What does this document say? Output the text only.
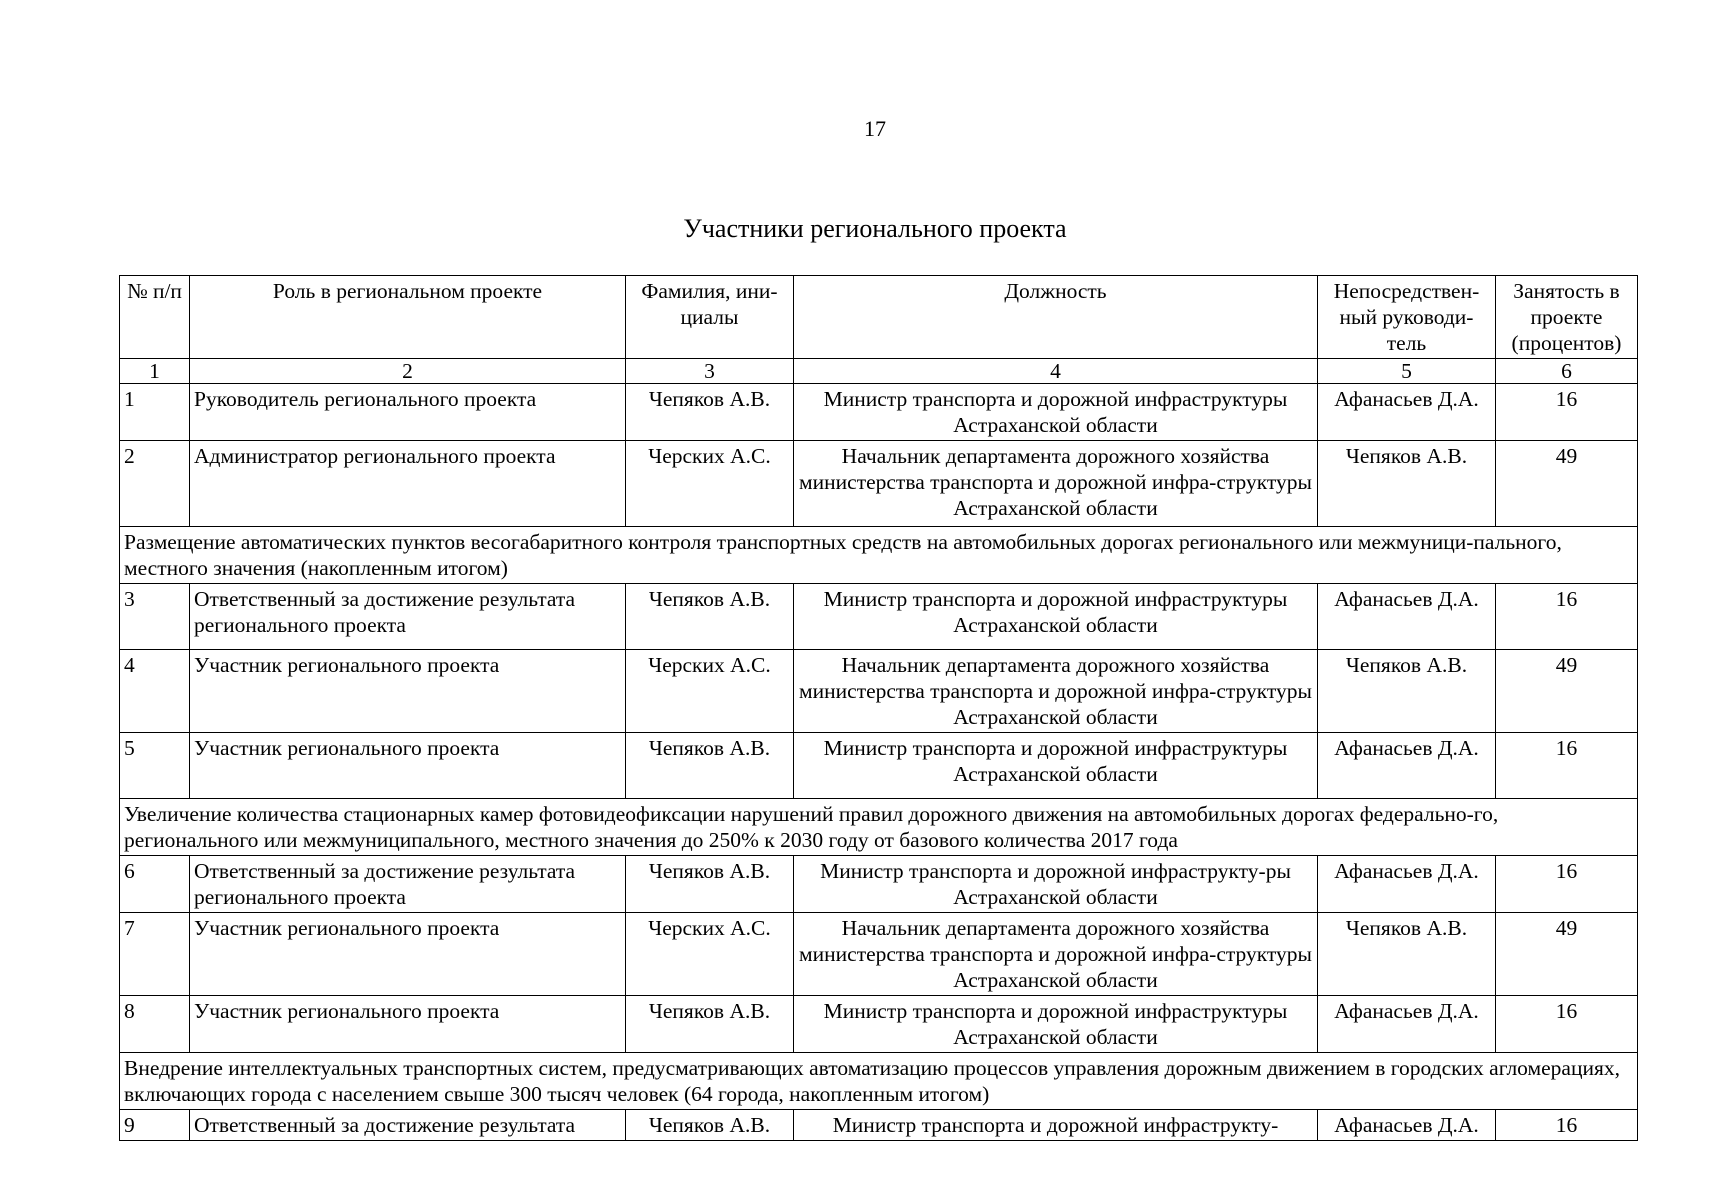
17
Участники регионального проекта
№ п/п	Роль в региональном проекте	Фамилия, ини-циалы	Должность	Непосредствен-ный руководи-тель	Занятость в проекте (процентов)
1	2	3	4	5	6
1	Руководитель регионального проекта	Чепяков А.В.	Министр транспорта и дорожной инфраструктуры Астраханской области	Афанасьев Д.А.	16
2	Администратор регионального проекта	Черских А.С.	Начальник департамента дорожного хозяйства министерства транспорта и дорожной инфра-структуры Астраханской области	Чепяков А.В.	49
Размещение автоматических пунктов весогабаритного контроля транспортных средств на автомобильных дорогах регионального или межмуници-пального, местного значения (накопленным итогом)					
3	Ответственный за достижение результата регионального проекта	Чепяков А.В.	Министр транспорта и дорожной инфраструктуры Астраханской области	Афанасьев Д.А.	16
4	Участник регионального проекта	Черских А.С.	Начальник департамента дорожного хозяйства министерства транспорта и дорожной инфра-структуры Астраханской области	Чепяков А.В.	49
5	Участник регионального проекта	Чепяков А.В.	Министр транспорта и дорожной инфраструктуры Астраханской области	Афанасьев Д.А.	16
Увеличение количества стационарных камер фотовидеофиксации нарушений правил дорожного движения на автомобильных дорогах федерально-го, регионального или межмуниципального, местного значения до 250% к 2030 году от базового количества 2017 года					
6	Ответственный за достижение результата регионального проекта	Чепяков А.В.	Министр транспорта и дорожной инфраструкту-ры Астраханской области	Афанасьев Д.А.	16
7	Участник регионального проекта	Черских А.С.	Начальник департамента дорожного хозяйства министерства транспорта и дорожной инфра-структуры Астраханской области	Чепяков А.В.	49
8	Участник регионального проекта	Чепяков А.В.	Министр транспорта и дорожной инфраструктуры Астраханской области	Афанасьев Д.А.	16
Внедрение интеллектуальных транспортных систем, предусматривающих автоматизацию процессов управления дорожным движением в городских агломерациях, включающих города с населением свыше 300 тысяч человек (64 города, накопленным итогом)					
9	Ответственный за достижение результата	Чепяков А.В.	Министр транспорта и дорожной инфраструкту-	Афанасьев Д.А.	16
